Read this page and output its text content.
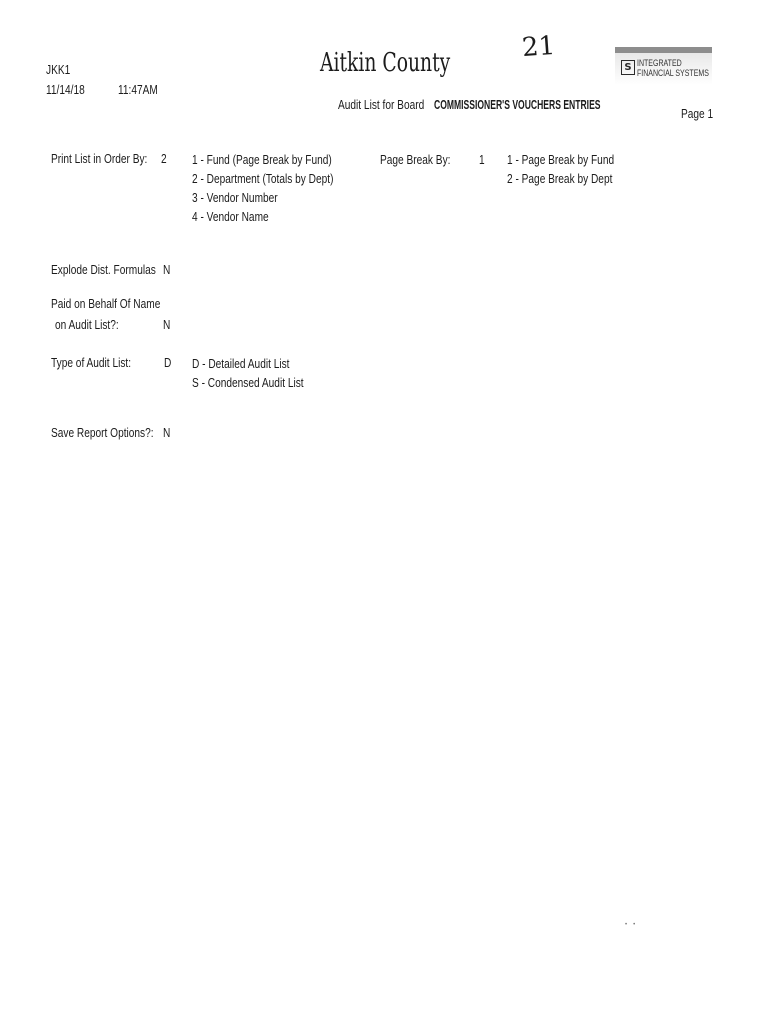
JKK1
11/14/18	11:47AM
Aitkin County	21
S INTEGRATED
FINANCIAL SYSTEMS
Audit List for Board COMMISSIONER'S VOUCHERS ENTRIES
Page 1
Print List in Order By: 2 1 - Fund (Page Break by Fund)
2 - Department (Totals by Dept)
3 - Vendor Number
4 - Vendor Name
Page Break By: 1 1 - Page Break by Fund
2 - Page Break by Dept
Explode Dist. Formulas N
Paid on Behalf Of Name
on Audit List?:	N
Type of Audit List:	D D - Detailed Audit List
S - Condensed Audit List
Save Report Options?: N
••
